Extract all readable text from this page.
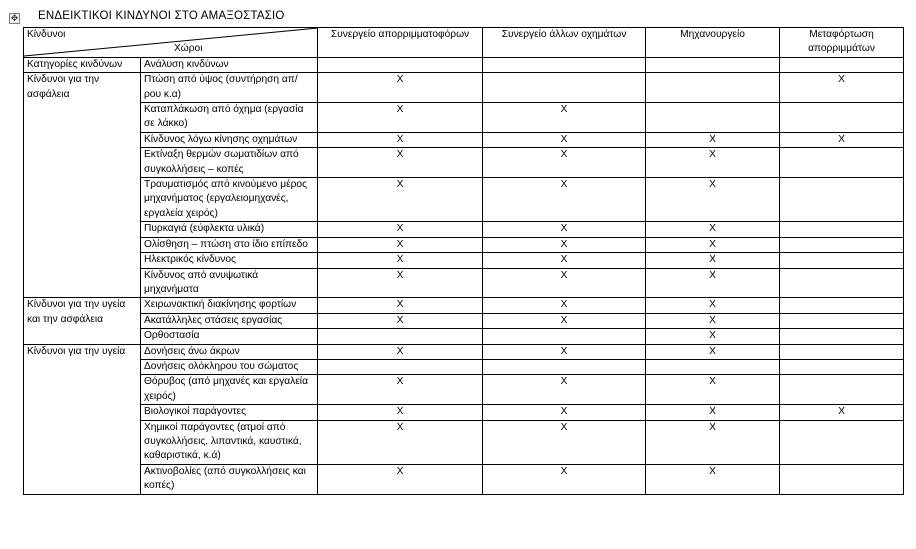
✥ ΕΝΔΕΙΚΤΙΚΟΙ ΚΙΝΔΥΝΟΙ ΣΤΟ ΑΜΑΞΟΣΤΑΣΙΟ
Κίνδυνοι
Χώροι		Συνεργείο απορριμματοφόρων	Συνεργείο άλλων οχημάτων	Μηχανουργείο	Μεταφόρτωση απορριμμάτων
Κατηγορίες κινδύνων	Ανάλυση κινδύνων				
Κίνδυνοι για την ασφάλεια	Πτώση από ύψος (συντήρηση απ/ρου κ.α)	X			X
	Καταπλάκωση από όχημα (εργασία σε λάκκο)	X	X		
	Κίνδυνος λόγω κίνησης οχημάτων	X	X	X	X
	Εκτίναξη θερμών σωματιδίων από συγκολλήσεις – κοπές	X	X	X	
	Τραυματισμός από κινούμενο μέρος μηχανήματος (εργαλειομηχανές, εργαλεία χειρός)	X	X	X	
	Πυρκαγιά (εύφλεκτα υλικά)	X	X	X	
	Ολίσθηση – πτώση στο ίδιο επίπεδο	X	X	X	
	Ηλεκτρικός κίνδυνος	X	X	X	
	Κίνδυνος από ανυψωτικά μηχανήματα	X	X	X	
Κίνδυνοι για την υγεία και την ασφάλεια	Χειρωνακτική διακίνησης φορτίων	X	X	X	
	Ακατάλληλες στάσεις εργασίας	X	X	X	
	Ορθοστασία			X	
Κίνδυνοι για την υγεία	Δονήσεις άνω άκρων	X	X	X	
	Δονήσεις ολόκληρου του σώματος				
	Θόρυβος (από μηχανές και εργαλεία χειρός)	X	X	X	
	Βιολογικοί παράγοντες	X	X	X	X
	Χημικοί παράγοντες (ατμοί από συγκολλήσεις, λιπαντικά, καυστικά, καθαριστικά, κ.ά)	X	X	X	
	Ακτινοβολίες (από συγκολλήσεις και κοπές)	X	X	X	
